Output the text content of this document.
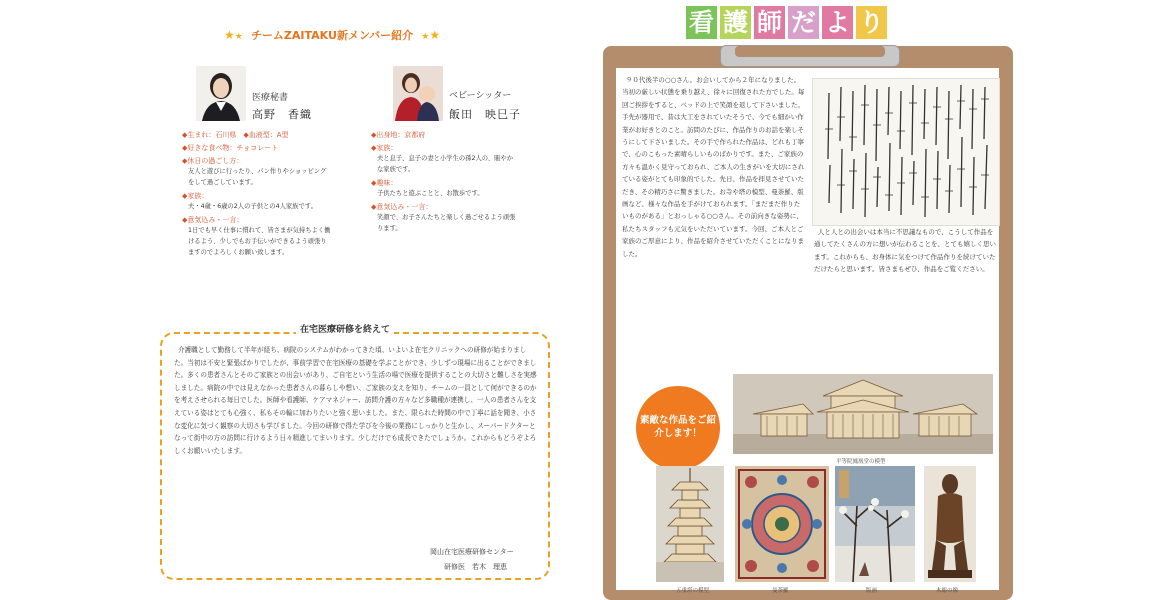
★★ チームZAITAKU新メンバー紹介 ★★
医療秘書
高野　香織
◆生まれ：石川県　◆血液型：A型
◆好きな食べ物：チョコレート
◆休日の過ごし方：
友人と遊びに行ったり、パン作りやショッピングをして過ごしています。
◆家族：
夫・4歳・6歳の2人の子供との4人家族です。
◆意気込み・一言：
1日でも早く仕事に慣れて、皆さまが気持ちよく働けるよう、少しでもお手伝いができるよう頑張りますのでよろしくお願い致します。
ベビーシッター
飯田　映巳子
◆出身地：京都府
◆家族：
夫と息子、息子の妻と小学生の孫2人の、賑やかな家族です。
◆趣味：
子供たちと遊ぶことと、お散歩です。
◆意気込み・一言：
笑顔で、お子さんたちと楽しく過ごせるよう頑張ります。
在宅医療研修を終えて
介護職として勤務して半年が経ち、病院のシステムがわかってきた頃、いよいよ在宅クリニックへの研修が始まりました。当初は不安と緊張ばかりでしたが、事前学習で在宅医療の基礎を学ぶことができ、少しずつ現場に出ることができました。多くの患者さんとそのご家族との出会いがあり、ご自宅という生活の場で医療を提供することの大切さと難しさを実感しました。病院の中では見えなかった患者さんの暮らしや想い、ご家族の支えを知り、チームの一員として何ができるのかを考えさせられる毎日でした。医師や看護師、ケアマネジャー、訪問介護の方々など多職種が連携し、一人の患者さんを支えている姿はとても心強く、私もその輪に加わりたいと強く思いました。また、限られた時間の中で丁寧に話を聞き、小さな変化に気づく観察の大切さも学びました。今回の研修で得た学びを今後の業務にしっかりと生かし、スーパードクターとなって街中の方の訪問に行けるよう日々精進してまいります。少しだけでも成長できたでしょうか。これからもどうぞよろしくお願いいたします。
岡山在宅医療研修センター
研修医　若木　理恵
看 護 師 だ よ り
９０代後半の○○さん。お会いしてから２年になりました。当初の厳しい状態を乗り越え、徐々に回復された方でした。毎回ご挨拶をすると、ベッドの上で笑顔を返して下さいました。手先が器用で、昔は大工をされていたそうで、今でも細かい作業がお好きとのこと。訪問のたびに、作品作りのお話を楽しそうにして下さいました。その手で作られた作品は、どれも丁寧で、心のこもった素晴らしいものばかりです。また、ご家族の方々も温かく見守っておられ、ご本人の生きがいを大切にされている姿がとても印象的でした。先日、作品を拝見させていただき、その精巧さに驚きました。お寺や塔の模型、曼荼羅、版画など、様々な作品を手がけておられます。「まだまだ作りたいものがある」とおっしゃる○○さん。その前向きな姿勢に、私たちスタッフも元気をいただいています。今回、ご本人とご家族のご厚意により、作品を紹介させていただくことになりました。
人と人との出会いは本当に不思議なもので、こうして作品を通してたくさんの方に想いが伝わることを、とても嬉しく思います。これからも、お身体に気をつけて作品作りを続けていただけたらと思います。皆さまもぜひ、作品をご覧ください。
平等院鳳凰堂の模型
素敵な作品をご紹介します！
五重塔の模型	曼荼羅	版画	木彫の像
